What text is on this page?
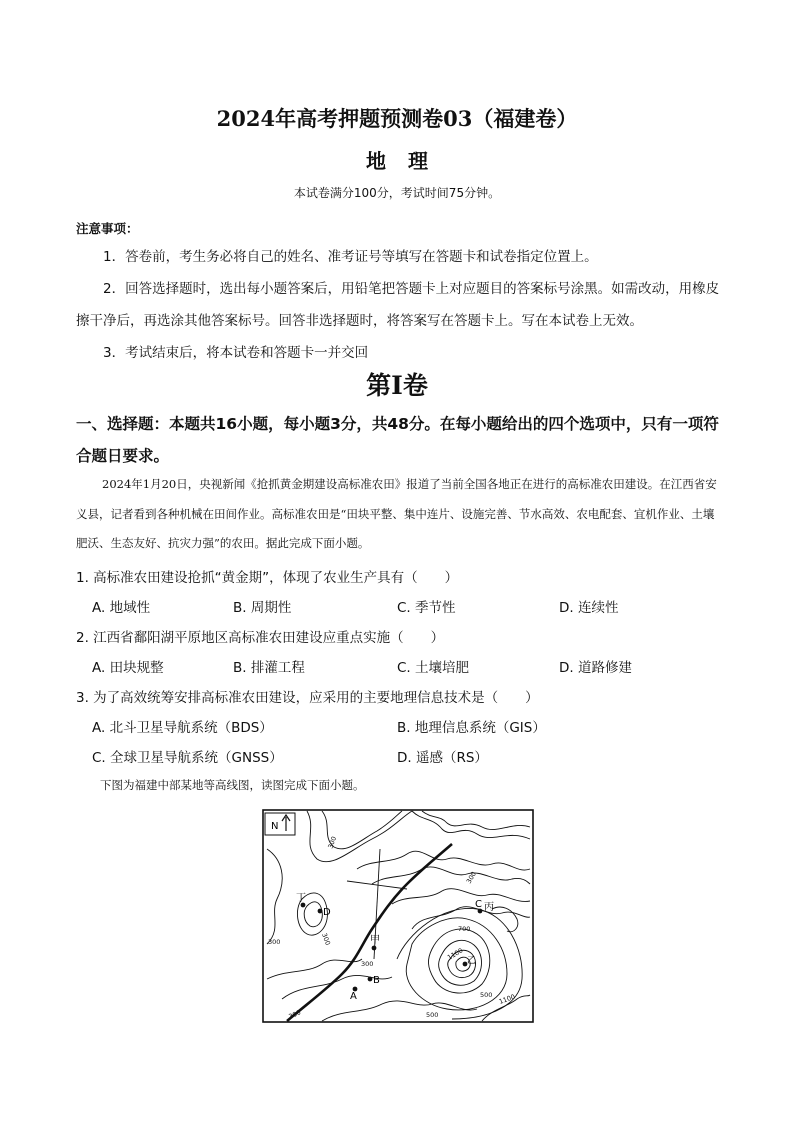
2024年高考押题预测卷03（福建卷）
地理
本试卷满分100分，考试时间75分钟。
注意事项：

1．答卷前，考生务必将自己的姓名、准考证号等填写在答题卡和试卷指定位置上。

2．回答选择题时，选出每小题答案后，用铅笔把答题卡上对应题目的答案标号涂黑。如需改动，用橡皮擦干净后，再选涂其他答案标号。回答非选择题时，将答案写在答题卡上。写在本试卷上无效。

3．考试结束后，将本试卷和答题卡一并交回

第Ⅰ卷
一、选择题：本题共16小题，每小题3分，共48分。在每小题给出的四个选项中，只有一项符合题日要求。
2024年1月20日，央视新闻《抢抓黄金期建设高标准农田》报道了当前全国各地正在进行的高标准农田建设。在江西省安义县，记者看到各种机械在田间作业。高标准农田是“田块平整、集中连片、设施完善、节水高效、农电配套、宜机作业、土壤肥沃、生态友好、抗灾力强”的农田。据此完成下面小题。
1. 高标准农田建设抢抓“黄金期”，体现了农业生产具有（　　）
A. 地域性	B. 周期性	C. 季节性	D. 连续性
2. 江西省鄱阳湖平原地区高标准农田建设应重点实施（　　）
A. 田块规整	B. 排灌工程	C. 土壤培肥	D. 道路修建
3. 为了高效统筹安排高标准农田建设，应采用的主要地理信息技术是（　　）
A. 北斗卫星导航系统（BDS）	B. 地理信息系统（GIS）
C. 全球卫星导航系统（GNSS）	D. 遥感（RS）
下图为福建中部某地等高线图，读图完成下面小题。
N
丁
D
甲
B
A
C 丙
乙
300
300	300
300
300
300	500
500
700
1100
1100
